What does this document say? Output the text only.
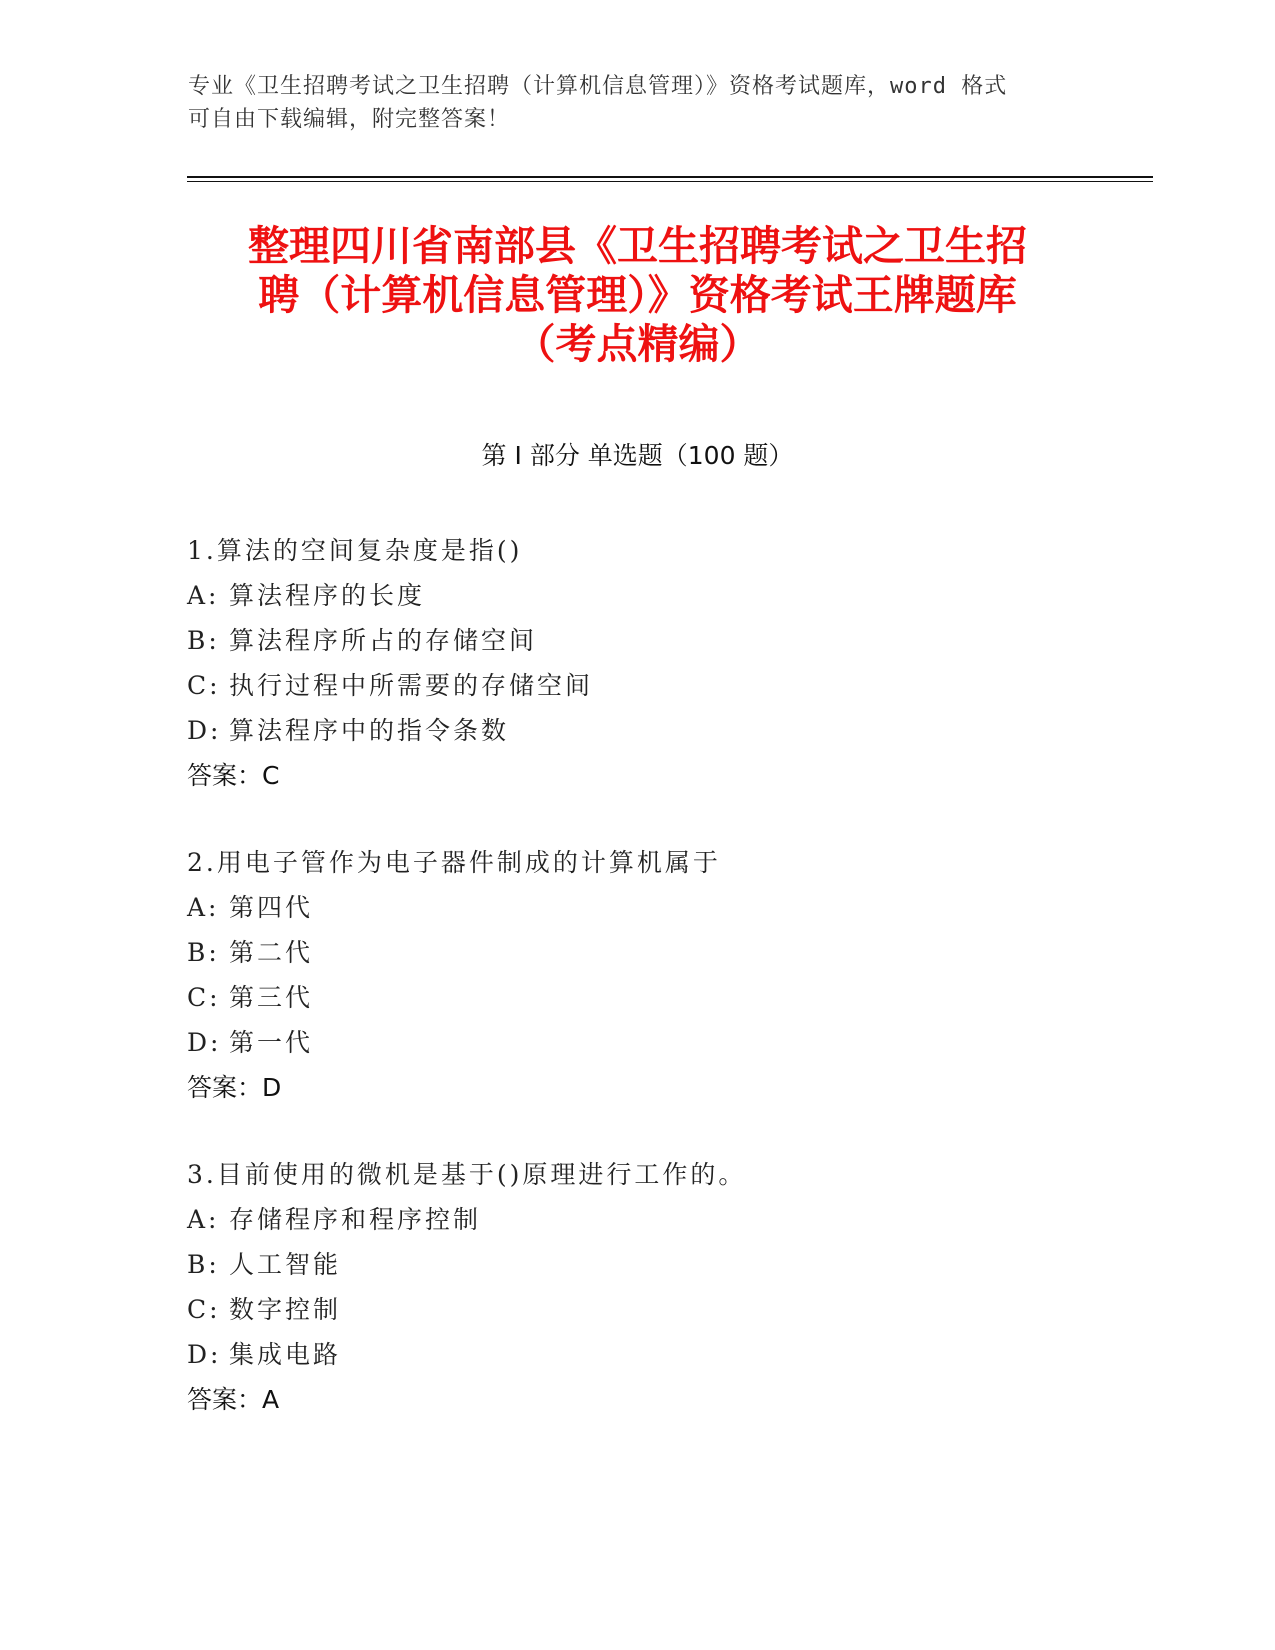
专业《卫生招聘考试之卫生招聘（计算机信息管理）》资格考试题库，word 格式
可自由下载编辑，附完整答案！
整理四川省南部县《卫生招聘考试之卫生招
聘（计算机信息管理）》资格考试王牌题库
（考点精编）
第 I 部分 单选题（100 题）
1.算法的空间复杂度是指()
A: 算法程序的长度
B: 算法程序所占的存储空间
C: 执行过程中所需要的存储空间
D: 算法程序中的指令条数
答案：C
2.用电子管作为电子器件制成的计算机属于
A: 第四代
B: 第二代
C: 第三代
D: 第一代
答案：D
3.目前使用的微机是基于()原理进行工作的。
A: 存储程序和程序控制
B: 人工智能
C: 数字控制
D: 集成电路
答案：A
